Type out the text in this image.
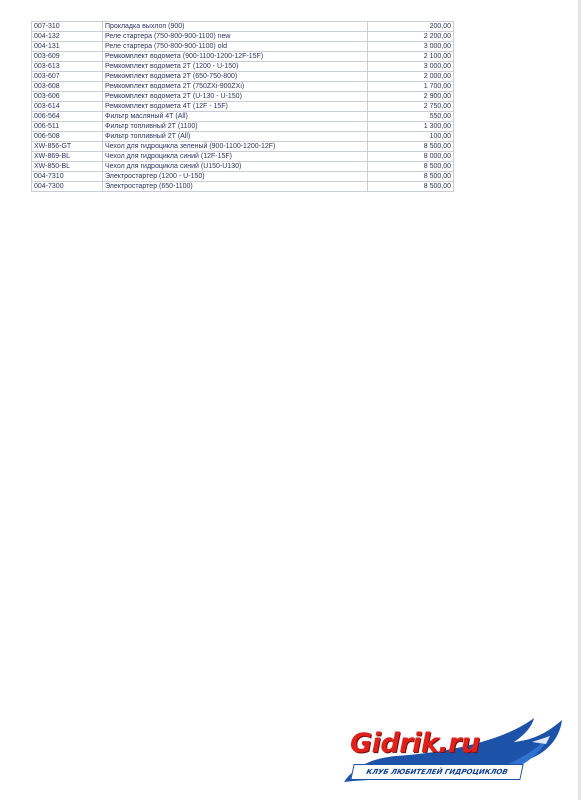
007-310	Прокладка выхлоп (900)	200,00
004-132	Реле стартера (750-800-900-1100) new	2 200,00
004-131	Реле стартера (750-800-900-1100) old	3 000,00
003-609	Ремкомплект водомета (900-1100-1200-12F-15F)	2 100,00
003-613	Ремкомплект водомета 2Т (1200 - U-150)	3 000,00
003-607	Ремкомплект водомета 2Т (650-750-800)	2 000,00
003-608	Ремкомплект водомета 2Т (750ZXi-900ZXi)	1 700,00
003-606	Ремкомплект водомета 2Т (U-130 - U-150)	2 900,00
003-614	Ремкомплект водомета 4Т (12F - 15F)	2 750,00
006-564	Фильтр масляный 4Т (All)	550,00
006-511	Фильтр топливный 2Т (1100)	1 300,00
006-508	Фильтр топливный 2Т (All)	100,00
XW-856-GT	Чехол для гидроцикла зеленый (900-1100-1200-12F)	8 500,00
XW-869-BL	Чехол для гидроцикла синий (12F-15F)	8 000,00
XW-850-BL	Чехол для гидроцикла синий (U150-U130)	8 500,00
004-7310	Электростартер (1200 - U-150)	8 500,00
004-7300	Электростартер (650-1100)	8 500,00
Gidrik.ru
КЛУБ ЛЮБИТЕЛЕЙ ГИДРОЦИКЛОВ
